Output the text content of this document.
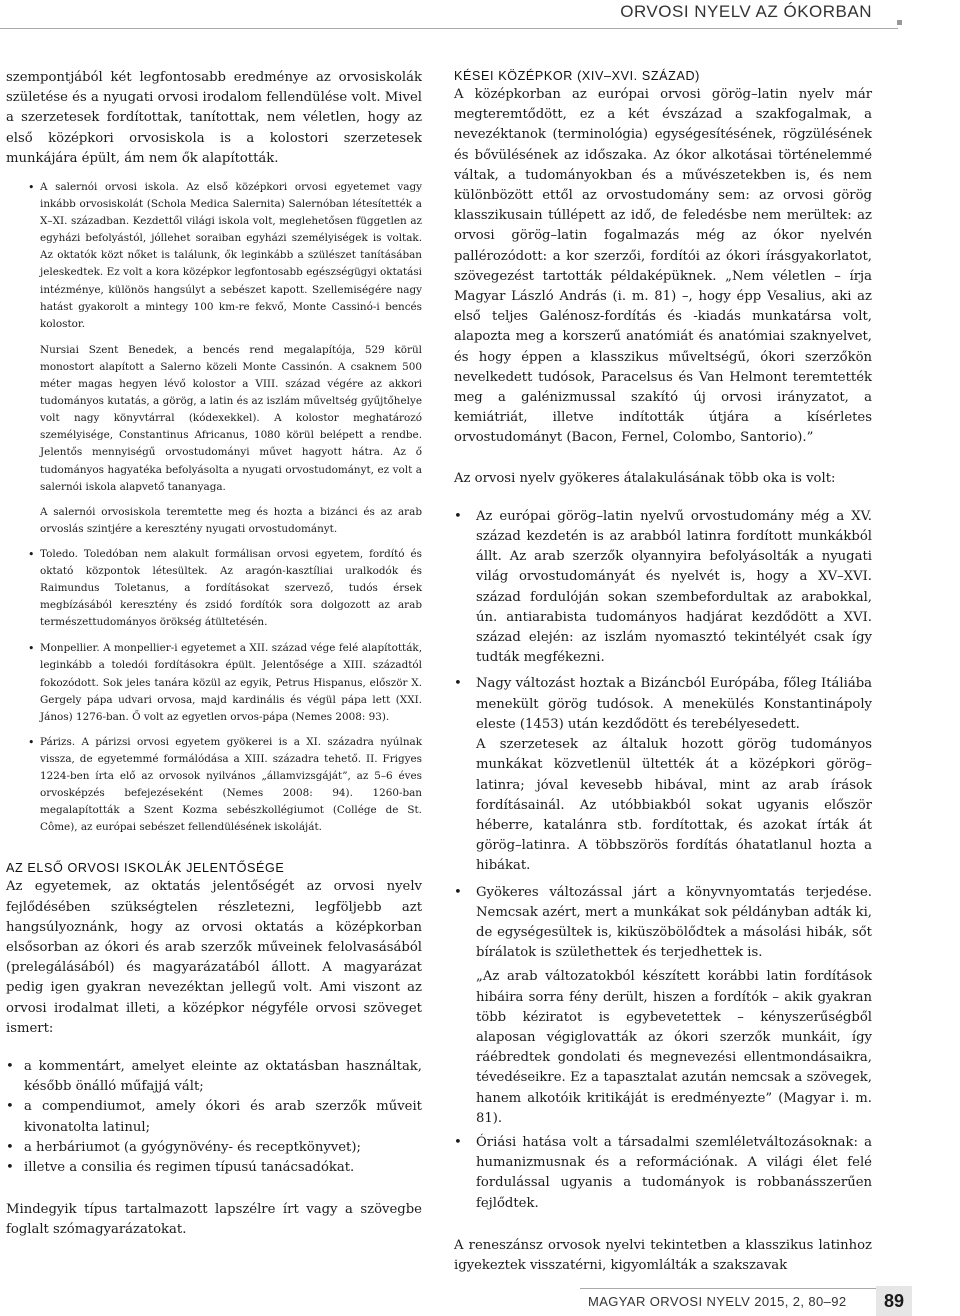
ORVOSI NYELV AZ ÓKORBAN

szempontjából két legfontosabb eredménye az orvosiskolák születése és a nyugati orvosi irodalom fellendülése volt. Mivel a szerzetesek fordítottak, tanítottak, nem véletlen, hogy az első középkori orvosiskola is a kolostori szerzetesek munkájára épült, ám nem ők alapították.

• A salernói orvosi iskola. Az első középkori orvosi egyetemet vagy inkább orvosiskolát (Schola Medica Salernita) Salernóban létesítették a X–XI. században. Kezdettől világi iskola volt, meglehetősen független az egyházi befolyástól, jóllehet soraiban egyházi személyiségek is voltak. Az oktatók közt nőket is találunk, ők leginkább a szülészet tanításában jeleskedtek. Ez volt a kora középkor legfontosabb egészségügyi oktatási intézménye, különös hangsúlyt a sebészet kapott. Szellemiségére nagy hatást gyakorolt a mintegy 100 km-re fekvő, Monte Cassinó-i bencés kolostor.

Nursiai Szent Benedek, a bencés rend megalapítója, 529 körül monostort alapított a Salerno közeli Monte Cassinón. A csaknem 500 méter magas hegyen lévő kolostor a VIII. század végére az akkori tudományos kutatás, a görög, a latin és az iszlám műveltség gyűjtőhelye volt nagy könyvtárral (kódexekkel). A kolostor meghatározó személyisége, Constantinus Africanus, 1080 körül belépett a rendbe. Jelentős mennyiségű orvostudományi művet hagyott hátra. Az ő tudományos hagyatéka befolyásolta a nyugati orvostudományt, ez volt a salernói iskola alapvető tananyaga.

A salernói orvosiskola teremtette meg és hozta a bizánci és az arab orvoslás szintjére a keresztény nyugati orvostudományt.

• Toledo. Toledóban nem alakult formálisan orvosi egyetem, fordító és oktató központok létesültek. Az aragón-kasztíliai uralkodók és Raimundus Toletanus, a fordításokat szervező, tudós érsek megbízásából keresztény és zsidó fordítók sora dolgozott az arab természettudományos örökség átültetésén.
• Monpellier. A monpellier-i egyetemet a XII. század vége felé alapították, leginkább a toledói fordításokra épült. Jelentősége a XIII. századtól fokozódott. Sok jeles tanára közül az egyik, Petrus Hispanus, először X. Gergely pápa udvari orvosa, majd kardinális és végül pápa lett (XXI. János) 1276-ban. Ő volt az egyetlen orvos-pápa (Nemes 2008: 93).
• Párizs. A párizsi orvosi egyetem gyökerei is a XI. századra nyúlnak vissza, de egyetemmé formálódása a XIII. századra tehető. II. Frigyes 1224-ben írta elő az orvosok nyilvános „államvizsgáját”, az 5–6 éves orvosképzés befejezéseként (Nemes 2008: 94). 1260-ban megalapították a Szent Kozma sebészkollégiumot (Collége de St. Côme), az európai sebészet fellendülésének iskoláját.
AZ ELSŐ ORVOSI ISKOLÁK JELENTŐSÉGE

Az egyetemek, az oktatás jelentőségét az orvosi nyelv fejlődésében szükségtelen részletezni, legföljebb azt hangsúlyoznánk, hogy az orvosi oktatás a középkorban elsősorban az ókori és arab szerzők műveinek felolvasásából (prelegálásából) és magyarázatából állott. A magyarázat pedig igen gyakran nevezéktan jellegű volt. Ami viszont az orvosi irodalmat illeti, a középkor négyféle orvosi szöveget ismert:

• a kommentárt, amelyet eleinte az oktatásban használtak, később önálló műfajjá vált;
• a compendiumot, amely ókori és arab szerzők műveit kivonatolta latinul;
• a herbáriumot (a gyógynövény- és receptkönyvet);
• illetve a consilia és regimen típusú tanácsadókat.

Mindegyik típus tartalmazott lapszélre írt vagy a szövegbe foglalt szómagyarázatokat.

KÉSEI KÖZÉPKOR (XIV–XVI. SZÁZAD)

A középkorban az európai orvosi görög–latin nyelv már megteremtődött, ez a két évszázad a szakfogalmak, a nevezéktanok (terminológia) egységesítésének, rögzülésének és bővülésének az időszaka. Az ókor alkotásai történelemmé váltak, a tudományokban és a művészetekben is, és nem különbözött ettől az orvostudomány sem: az orvosi görög klasszikusain túllépett az idő, de feledésbe nem merültek: az orvosi görög–latin fogalmazás még az ókor nyelvén pallérozódott: a kor szerzői, fordítói az ókori írásgyakorlatot, szövegezést tartották példaképüknek. „Nem véletlen – írja Magyar László András (i. m. 81) –, hogy épp Vesalius, aki az első teljes Galénosz-fordítás és -kiadás munkatársa volt, alapozta meg a korszerű anatómiát és anatómiai szaknyelvet, és hogy éppen a klasszikus műveltségű, ókori szerzőkön nevelkedett tudósok, Paracelsus és Van Helmont teremtették meg a galénizmussal szakító új orvosi irányzatot, a kemiátriát, illetve indították útjára a kísérletes orvostudományt (Bacon, Fernel, Colombo, Santorio).”

Az orvosi nyelv gyökeres átalakulásának több oka is volt:

• Az európai görög–latin nyelvű orvostudomány még a XV. század kezdetén is az arabból latinra fordított munkákból állt. Az arab szerzők olyannyira befolyásolták a nyugati világ orvostudományát és nyelvét is, hogy a XV–XVI. század fordulóján sokan szembefordultak az arabokkal, ún. antiarabista tudományos hadjárat kezdődött a XVI. század elején: az iszlám nyomasztó tekintélyét csak így tudták megfékezni.
• Nagy változást hoztak a Bizáncból Európába, főleg Itáliába menekült görög tudósok. A menekülés Konstantinápoly eleste (1453) után kezdődött és terebélyesedett.

A szerzetesek az általuk hozott görög tudományos munkákat közvetlenül ültették át a középkori görög–latinra; jóval kevesebb hibával, mint az arab írások fordításainál. Az utóbbiakból sokat ugyanis először héberre, katalánra stb. fordítottak, és azokat írták át görög–latinra. A többszörös fordítás óhatatlanul hozta a hibákat.

• Gyökeres változással járt a könyvnyomtatás terjedése. Nemcsak azért, mert a munkákat sok példányban adták ki, de egységesültek is, kiküszöbölődtek a másolási hibák, sőt bírálatok is születhettek és terjedhettek is.

„Az arab változatokból készített korábbi latin fordítások hibáira sorra fény derült, hiszen a fordítók – akik gyakran több kéziratot is egybevetettek – kényszerűségből alaposan végiglovatták az ókori szerzők munkáit, így ráébredtek gondolati és megnevezési ellentmondásaikra, tévedéseikre. Ez a tapasztalat azután nemcsak a szövegek, hanem alkotóik kritikáját is eredményezte” (Magyar i. m. 81).

• Óriási hatása volt a társadalmi szemléletváltozásoknak: a humanizmusnak és a reformációnak. A világi élet felé fordulással ugyanis a tudományok is robbanásszerűen fejlődtek.

A reneszánsz orvosok nyelvi tekintetben a klasszikus latinhoz igyekeztek visszatérni, kigyomlálták a szakszavak

MAGYAR ORVOSI NYELV 2015, 2, 80–92	89
